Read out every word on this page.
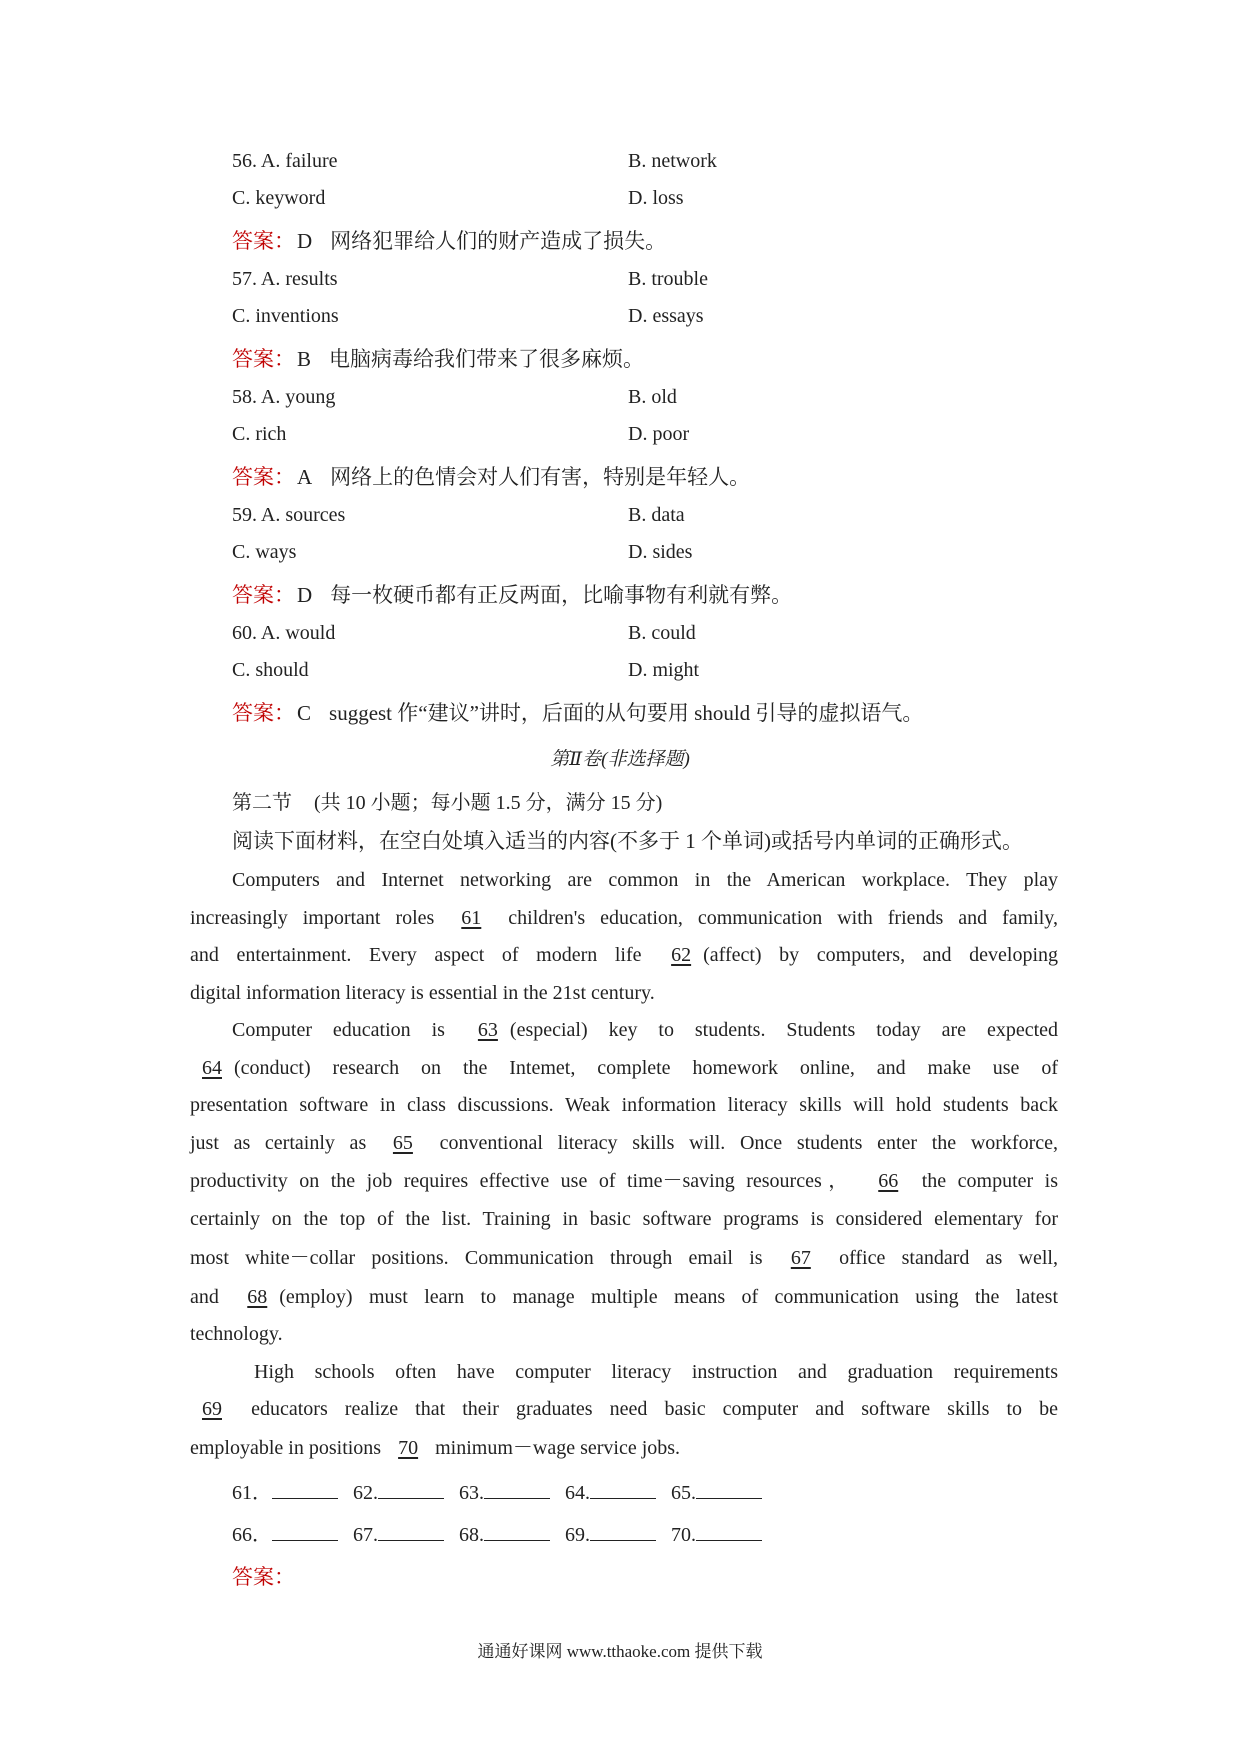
56. A. failure	B. network
C. keyword	D. loss
答案：D 网络犯罪给人们的财产造成了损失。
57. A. results	B. trouble
C. inventions	D. essays
答案：B 电脑病毒给我们带来了很多麻烦。
58. A. young	B. old
C. rich	D. poor
答案：A 网络上的色情会对人们有害，特别是年轻人。
59. A. sources	B. data
C. ways	D. sides
答案：D 每一枚硬币都有正反两面，比喻事物有利就有弊。
60. A. would	B. could
C. should	D. might
答案：C suggest 作“建议”讲时，后面的从句要用 should 引导的虚拟语气。
第Ⅱ卷(非选择题)
第二节 (共 10 小题；每小题 1.5 分，满分 15 分)
阅读下面材料，在空白处填入适当的内容(不多于 1 个单词)或括号内单词的正确形式。
Computers and Internet networking are common in the American workplace. They play
increasingly important roles 61 children's education, communication with friends and family,
and entertainment. Every aspect of modern life 62 (affect) by computers, and developing
digital information literacy is essential in the 21st century.
Computer education is 63 (especial) key to students. Students today are expected
64 (conduct) research on the Intemet, complete homework online, and make use of
presentation software in class discussions. Weak information literacy skills will hold students back
just as certainly as 65 conventional literacy skills will. Once students enter the workforce,
productivity on the job requires effective use of time－saving resources， 66 the computer is
certainly on the top of the list. Training in basic software programs is considered elementary for
most white－collar positions. Communication through email is 67 office standard as well,
and 68 (employ) must learn to manage multiple means of communication using the latest
technology.
High schools often have computer literacy instruction and graduation requirements
69 educators realize that their graduates need basic computer and software skills to be
employable in positions 70 minimum－wage service jobs.
61．	62.	63.	64.	65.
66．	67.	68.	69.	70.
答案：
通通好课网 www.tthaoke.com 提供下载
